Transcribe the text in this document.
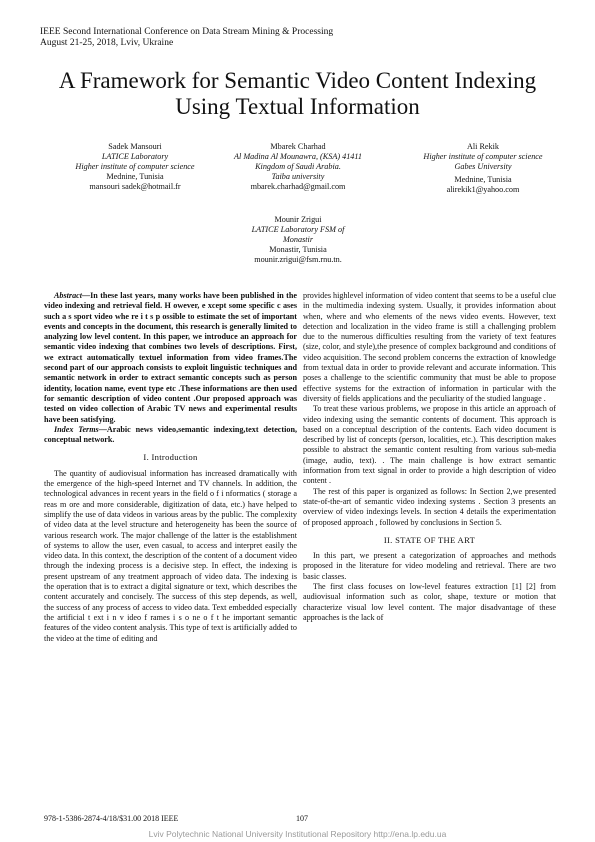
IEEE Second International Conference on Data Stream Mining & Processing
August 21-25, 2018, Lviv, Ukraine
A Framework for Semantic Video Content Indexing
Using Textual Information
Sadek Mansouri
LATICE Laboratory
Higher institute of computer science
Mednine, Tunisia
mansouri sadek@hotmail.fr
Mbarek Charhad
Al Madina Al Mounawra, (KSA) 41411
Kingdom of Saudi Arabia.
Taiba university
mbarek.charhad@gmail.com
Ali Rekik
Higher institute of computer science
Gabes University
Mednine, Tunisia
alirekik1@yahoo.com
Mounir Zrigui
LATICE Laboratory FSM of
Monastir
Monastir, Tunisia
mounir.zrigui@fsm.rnu.tn.

Abstract—In these last years, many works have been published in the video indexing and retrieval field. H owever, e xcept some specific c ases such a s sport video whe re i t s p ossible to estimate the set of important events and concepts in the document, this research is generally limited to analyzing low level content. In this paper, we introduce an approach for semantic video indexing that combines two levels of descriptions. First, we extract automatically textuel information from video frames.The second part of our approach consists to exploit linguistic techniques and semantic network in order to extract semantic concepts such as person identity, location name, event type etc .These informations are then used for semantic description of video content .Our proposed approach was tested on video collection of Arabic TV news and experimental results have been satisfying.

Index Terms—Arabic news video,semantic indexing,text detection, conceptual network.

I. Introduction

The quantity of audiovisual information has increased dramatically with the emergence of the high-speed Internet and TV channels. In addition, the technological advances in recent years in the field o f i nformatics ( storage a reas m ore and more considerable, digitization of data, etc.) have helped to simplify the use of data videos in various areas by the public. The complexity of video data at the level structure and heterogeneity has been the source of various research work. The major challenge of the latter is the establishment of systems to allow the user, even casual, to access and interpret easily the video data. In this context, the description of the content of a document video through the indexing process is a decisive step. In effect, the indexing is present upstream of any treatment approach of video data. The indexing is the operation that is to extract a digital signature or text, which describes the content accurately and concisely. The success of this step depends, as well, the success of any process of access to video data. Text embedded especially the artificial t ext i n v ideo f rames i s o ne o f t he important semantic features of the video content analysis. This type of text is artificially added to the video at the time of editing and

provides highlevel information of video content that seems to be a useful clue in the multimedia indexing system. Usually, it provides information about when, where and who elements of the news video events. However, text detection and localization in the video frame is still a challenging problem due to the numerous difficulties resulting from the variety of text features (size, color, and style),the presence of complex background and conditions of video acquisition. The second problem concerns the extraction of knowledge from textual data in order to provide relevant and accurate information. This poses a challenge to the scientific community that must be able to propose effective systems for the extraction of information in particular with the diversity of fields applications and the peculiarity of the studied language .

To treat these various problems, we propose in this article an approach of video indexing using the semantic contents of document. This approach is based on a conceptual description of the contents. Each video document is described by list of concepts (person, localities, etc.). This description makes possible to abstract the semantic content resulting from various sub-media (image, audio, text). . The main challenge is how extract semantic information from text signal in order to provide a high description of video content .

The rest of this paper is organized as follows: In Section 2,we presented state-of-the-art of semantic video indexing systems . Section 3 presents an overview of video indexings levels. In section 4 details the experimentation of proposed approach , followed by conclusions in Section 5.

II. STATE OF THE ART

In this part, we present a categorization of approaches and methods proposed in the literature for video modeling and retrieval. There are two basic classes.

The first class focuses on low-level features extraction [1] [2] from audiovisual information such as color, shape, texture or motion that characterize visual low level content. The major disadvantage of these approaches is the lack of

978-1-5386-2874-4/18/$31.00 2018 IEEE	107
Lviv Polytechnic National University Institutional Repository http://ena.lp.edu.ua
